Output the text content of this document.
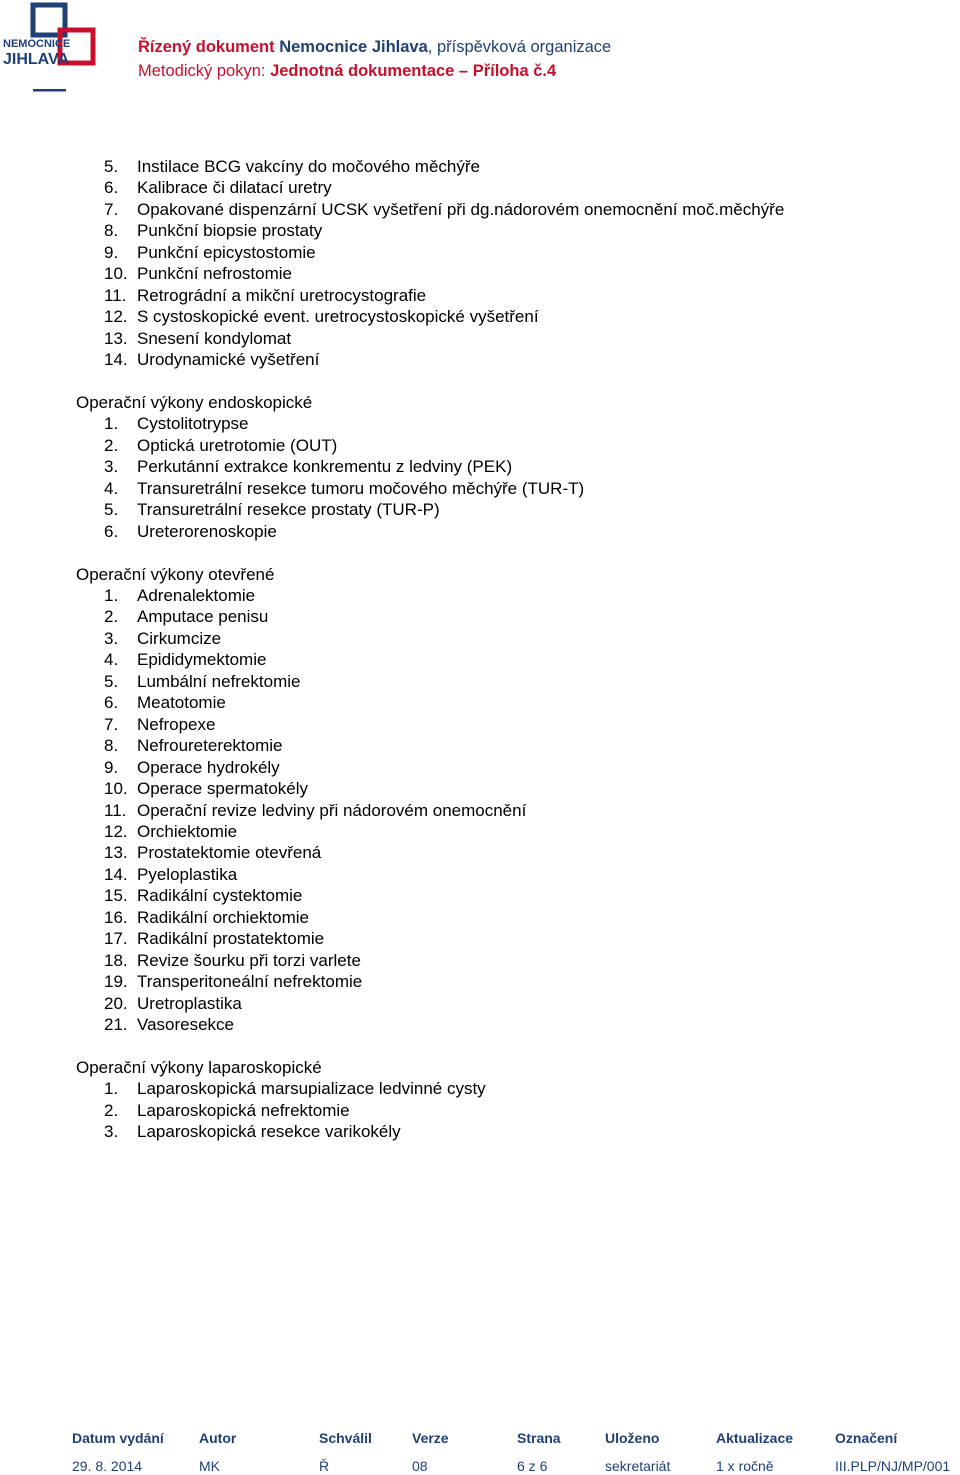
NEMOCNICE
JIHLAVA
Řízený dokument Nemocnice Jihlava, příspěvková organizace
Metodický pokyn: Jednotná dokumentace – Příloha č.4
5. Instilace BCG vakcíny do močového měchýře
6. Kalibrace či dilatací uretry
7. Opakované dispenzární UCSK vyšetření při dg.nádorovém onemocnění moč.měchýře
8. Punkční biopsie prostaty
9. Punkční epicystostomie
10. Punkční nefrostomie
11. Retrográdní a mikční uretrocystografie
12. S cystoskopické event. uretrocystoskopické vyšetření
13. Snesení kondylomat
14. Urodynamické vyšetření
Operační výkony endoskopické
1. Cystolitotrypse
2. Optická uretrotomie (OUT)
3. Perkutánní extrakce konkrementu z ledviny (PEK)
4. Transuretrální resekce tumoru močového měchýře (TUR-T)
5. Transuretrální resekce prostaty (TUR-P)
6. Ureterorenoskopie
Operační výkony otevřené
1. Adrenalektomie
2. Amputace penisu
3. Cirkumcize
4. Epididymektomie
5. Lumbální nefrektomie
6. Meatotomie
7. Nefropexe
8. Nefroureterektomie
9. Operace hydrokély
10. Operace spermatokély
11. Operační revize ledviny při nádorovém onemocnění
12. Orchiektomie
13. Prostatektomie otevřená
14. Pyeloplastika
15. Radikální cystektomie
16. Radikální orchiektomie
17. Radikální prostatektomie
18. Revize šourku při torzi varlete
19. Transperitoneální nefrektomie
20. Uretroplastika
21. Vasoresekce
Operační výkony laparoskopické
1. Laparoskopická marsupializace ledvinné cysty
2. Laparoskopická nefrektomie
3. Laparoskopická resekce varikokély
Datum vydání
29. 8. 2014
Autor
MK
Schválil
Ř
Verze
08
Strana
6 z 6
Uloženo
sekretariát
Aktualizace
1 x ročně
Označení
III.PLP/NJ/MP/001
